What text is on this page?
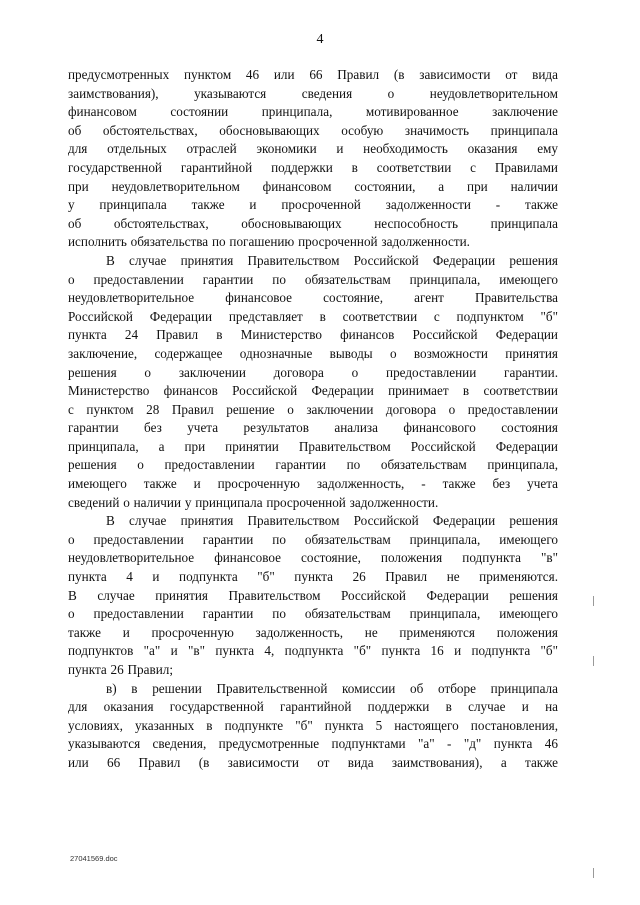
4

предусмотренных пунктом 46 или 66 Правил (в зависимости от вида

заимствования), указываются сведения о неудовлетворительном

финансовом состоянии принципала, мотивированное заключение

об обстоятельствах, обосновывающих особую значимость принципала

для отдельных отраслей экономики и необходимость оказания ему

государственной гарантийной поддержки в соответствии с Правилами

при неудовлетворительном финансовом состоянии, а при наличии

у принципала также и просроченной задолженности - также

об обстоятельствах, обосновывающих неспособность принципала

исполнить обязательства по погашению просроченной задолженности.

В случае принятия Правительством Российской Федерации решения

о предоставлении гарантии по обязательствам принципала, имеющего

неудовлетворительное финансовое состояние, агент Правительства

Российской Федерации представляет в соответствии с подпунктом "б"

пункта 24 Правил в Министерство финансов Российской Федерации

заключение, содержащее однозначные выводы о возможности принятия

решения о заключении договора о предоставлении гарантии.

Министерство финансов Российской Федерации принимает в соответствии

с пунктом 28 Правил решение о заключении договора о предоставлении

гарантии без учета результатов анализа финансового состояния

принципала, а при принятии Правительством Российской Федерации

решения о предоставлении гарантии по обязательствам принципала,

имеющего также и просроченную задолженность, - также без учета

сведений о наличии у принципала просроченной задолженности.

В случае принятия Правительством Российской Федерации решения

о предоставлении гарантии по обязательствам принципала, имеющего

неудовлетворительное финансовое состояние, положения подпункта "в"

пункта 4 и подпункта "б" пункта 26 Правил не применяются.

В случае принятия Правительством Российской Федерации решения

о предоставлении гарантии по обязательствам принципала, имеющего

также и просроченную задолженность, не применяются положения

подпунктов "а" и "в" пункта 4, подпункта "б" пункта 16 и подпункта "б"

пункта 26 Правил;

в) в решении Правительственной комиссии об отборе принципала

для оказания государственной гарантийной поддержки в случае и на

условиях, указанных в подпункте "б" пункта 5 настоящего постановления,

указываются сведения, предусмотренные подпунктами "а" - "д" пункта 46

или 66 Правил (в зависимости от вида заимствования), а также

27041569.doc
